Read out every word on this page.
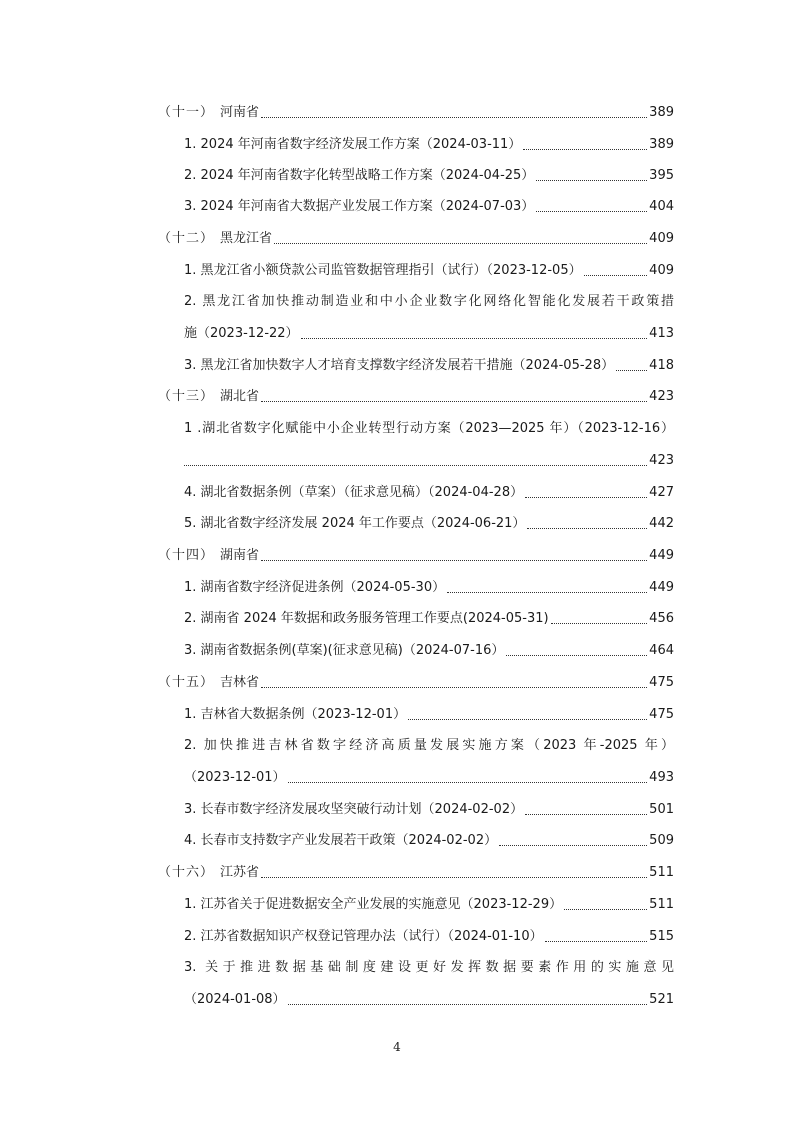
（十一） 河南省	389
1. 2024 年河南省数字经济发展工作方案（2024-03-11）	389
2. 2024 年河南省数字化转型战略工作方案（2024-04-25）	395
3. 2024 年河南省大数据产业发展工作方案（2024-07-03）	404
（十二） 黑龙江省	409
1. 黑龙江省小额贷款公司监管数据管理指引（试行）（2023-12-05）	409
2. 黑龙江省加快推动制造业和中小企业数字化网络化智能化发展若干政策措
施（2023-12-22）	413
3. 黑龙江省加快数字人才培育支撑数字经济发展若干措施（2024-05-28）	418
（十三） 湖北省	423
1 .湖北省数字化赋能中小企业转型行动方案（2023—2025 年）（2023-12-16）
423
4. 湖北省数据条例（草案）（征求意见稿）（2024-04-28）	427
5. 湖北省数字经济发展 2024 年工作要点（2024-06-21）	442
（十四） 湖南省	449
1. 湖南省数字经济促进条例（2024-05-30）	449
2. 湖南省 2024 年数据和政务服务管理工作要点(2024-05-31)	456
3. 湖南省数据条例(草案)(征求意见稿)（2024-07-16）	464
（十五） 吉林省	475
1. 吉林省大数据条例（2023-12-01）	475
2. 加快推进吉林省数字经济高质量发展实施方案（2023 年-2025 年）
（2023-12-01）	493
3. 长春市数字经济发展攻坚突破行动计划（2024-02-02）	501
4. 长春市支持数字产业发展若干政策（2024-02-02）	509
（十六） 江苏省	511
1. 江苏省关于促进数据安全产业发展的实施意见（2023-12-29）	511
2. 江苏省数据知识产权登记管理办法（试行）（2024-01-10）	515
3. 关于推进数据基础制度建设更好发挥数据要素作用的实施意见
（2024-01-08）	521
4
